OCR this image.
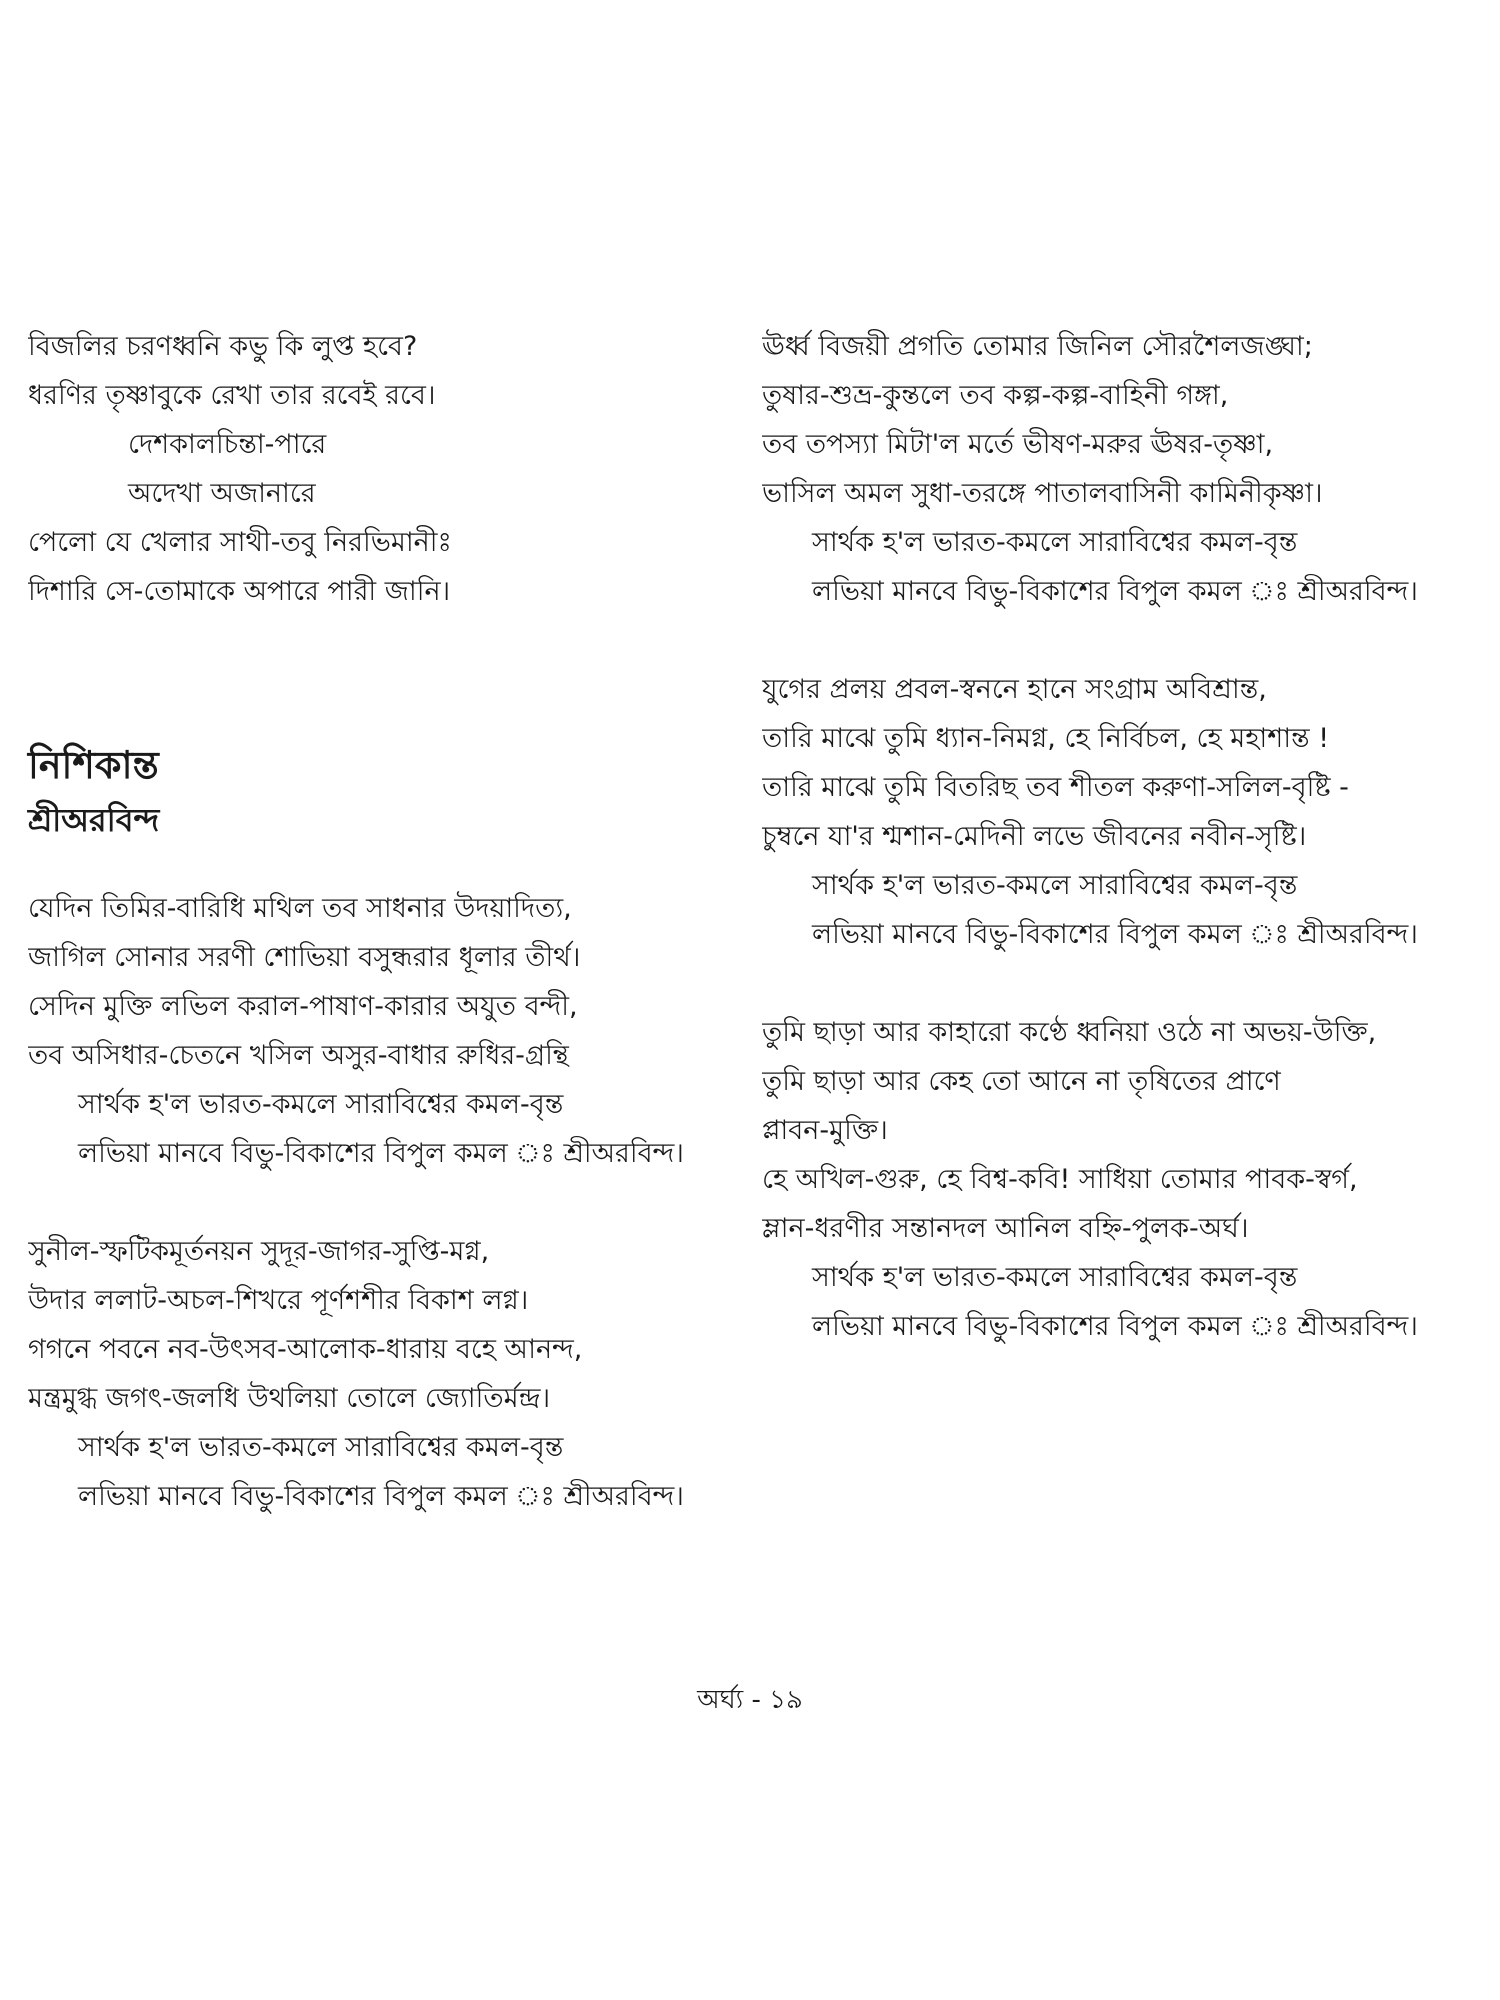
বিজলির চরণধ্বনি কভু কি লুপ্ত হবে?
ধরণির তৃষ্ণাবুকে রেখা তার রবেই রবে।
দেশকালচিন্তা-পারে
অদেখা অজানারে
পেলো যে খেলার সাথী-তবু নিরভিমানীঃ
দিশারি সে-তোমাকে অপারে পারী জানি।
নিশিকান্ত
শ্রীঅরবিন্দ
যেদিন তিমির-বারিধি মথিল তব সাধনার উদয়াদিত্য,
জাগিল সোনার সরণী শোভিয়া বসুন্ধরার ধূলার তীর্থ।
সেদিন মুক্তি লভিল করাল-পাষাণ-কারার অযুত বন্দী,
তব অসিধার-চেতনে খসিল অসুর-বাধার রুধির-গ্রন্থি
সার্থক হ'ল ভারত-কমলে সারাবিশ্বের কমল-বৃন্ত
লভিয়া মানবে বিভু-বিকাশের বিপুল কমল ঃ শ্রীঅরবিন্দ।
সুনীল-স্ফটিকমূর্তনয়ন সুদূর-জাগর-সুপ্তি-মগ্ন,
উদার ললাট-অচল-শিখরে পূর্ণশশীর বিকাশ লগ্ন।
গগনে পবনে নব-উৎসব-আলোক-ধারায় বহে আনন্দ,
মন্ত্রমুগ্ধ জগৎ-জলধি উথলিয়া তোলে জ্যোতির্মন্দ্র।
সার্থক হ'ল ভারত-কমলে সারাবিশ্বের কমল-বৃন্ত
লভিয়া মানবে বিভু-বিকাশের বিপুল কমল ঃ শ্রীঅরবিন্দ।
ঊর্ধ্ব বিজয়ী প্রগতি তোমার জিনিল সৌরশৈলজঙ্ঘা;
তুষার-শুভ্র-কুন্তলে তব কল্প-কল্প-বাহিনী গঙ্গা,
তব তপস্যা মিটা'ল মর্তে ভীষণ-মরুর ঊষর-তৃষ্ণা,
ভাসিল অমল সুধা-তরঙ্গে পাতালবাসিনী কামিনীকৃষ্ণা।
সার্থক হ'ল ভারত-কমলে সারাবিশ্বের কমল-বৃন্ত
লভিয়া মানবে বিভু-বিকাশের বিপুল কমল ঃ শ্রীঅরবিন্দ।
যুগের প্রলয় প্রবল-স্বননে হানে সংগ্রাম অবিশ্রান্ত,
তারি মাঝে তুমি ধ্যান-নিমগ্ন, হে নির্বিচল, হে মহাশান্ত !
তারি মাঝে তুমি বিতরিছ তব শীতল করুণা-সলিল-বৃষ্টি -
চুম্বনে যা'র শ্মশান-মেদিনী লভে জীবনের নবীন-সৃষ্টি।
সার্থক হ'ল ভারত-কমলে সারাবিশ্বের কমল-বৃন্ত
লভিয়া মানবে বিভু-বিকাশের বিপুল কমল ঃ শ্রীঅরবিন্দ।
তুমি ছাড়া আর কাহারো কণ্ঠে ধ্বনিয়া ওঠে না অভয়-উক্তি,
তুমি ছাড়া আর কেহ তো আনে না তৃষিতের প্রাণে
প্লাবন-মুক্তি।
হে অখিল-গুরু, হে বিশ্ব-কবি! সাধিয়া তোমার পাবক-স্বর্গ,
ম্লান-ধরণীর সন্তানদল আনিল বহ্নি-পুলক-অর্ঘ।
সার্থক হ'ল ভারত-কমলে সারাবিশ্বের কমল-বৃন্ত
লভিয়া মানবে বিভু-বিকাশের বিপুল কমল ঃ শ্রীঅরবিন্দ।
অর্ঘ্য - ১৯
